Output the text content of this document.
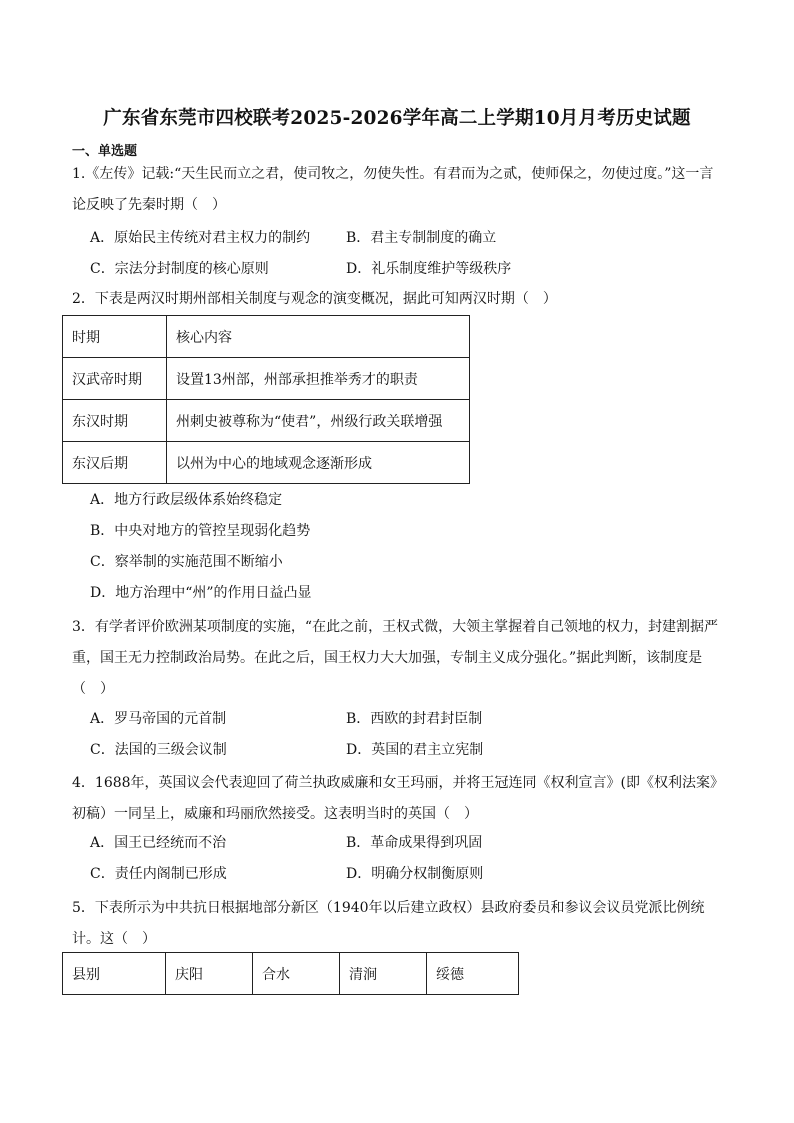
广东省东莞市四校联考2025-2026学年高二上学期10月月考历史试题
一、单选题
1.《左传》记载:“天生民而立之君，使司牧之，勿使失性。有君而为之贰，使师保之，勿使过度。”这一言论反映了先秦时期（　）
A．原始民主传统对君主权力的制约	B．君主专制制度的确立
C．宗法分封制度的核心原则	D．礼乐制度维护等级秩序
2．下表是两汉时期州部相关制度与观念的演变概况，据此可知两汉时期（　）
时期	核心内容
汉武帝时期	设置13州部，州部承担推举秀才的职责
东汉时期	州刺史被尊称为“使君”，州级行政关联增强
东汉后期	以州为中心的地域观念逐渐形成
A．地方行政层级体系始终稳定
B．中央对地方的管控呈现弱化趋势
C．察举制的实施范围不断缩小
D．地方治理中“州”的作用日益凸显
3．有学者评价欧洲某项制度的实施，“在此之前，王权式微，大领主掌握着自己领地的权力，封建割据严重，国王无力控制政治局势。在此之后，国王权力大大加强，专制主义成分强化。”据此判断，该制度是（　）
A．罗马帝国的元首制	B．西欧的封君封臣制
C．法国的三级会议制	D．英国的君主立宪制
4．1688年，英国议会代表迎回了荷兰执政威廉和女王玛丽，并将王冠连同《权利宣言》(即《权利法案》初稿）一同呈上，威廉和玛丽欣然接受。这表明当时的英国（　）
A．国王已经统而不治	B．革命成果得到巩固
C．责任内阁制已形成	D．明确分权制衡原则
5．下表所示为中共抗日根据地部分新区（1940年以后建立政权）县政府委员和参议会议员党派比例统计。这（　）
县别	庆阳	合水	清涧	绥德
